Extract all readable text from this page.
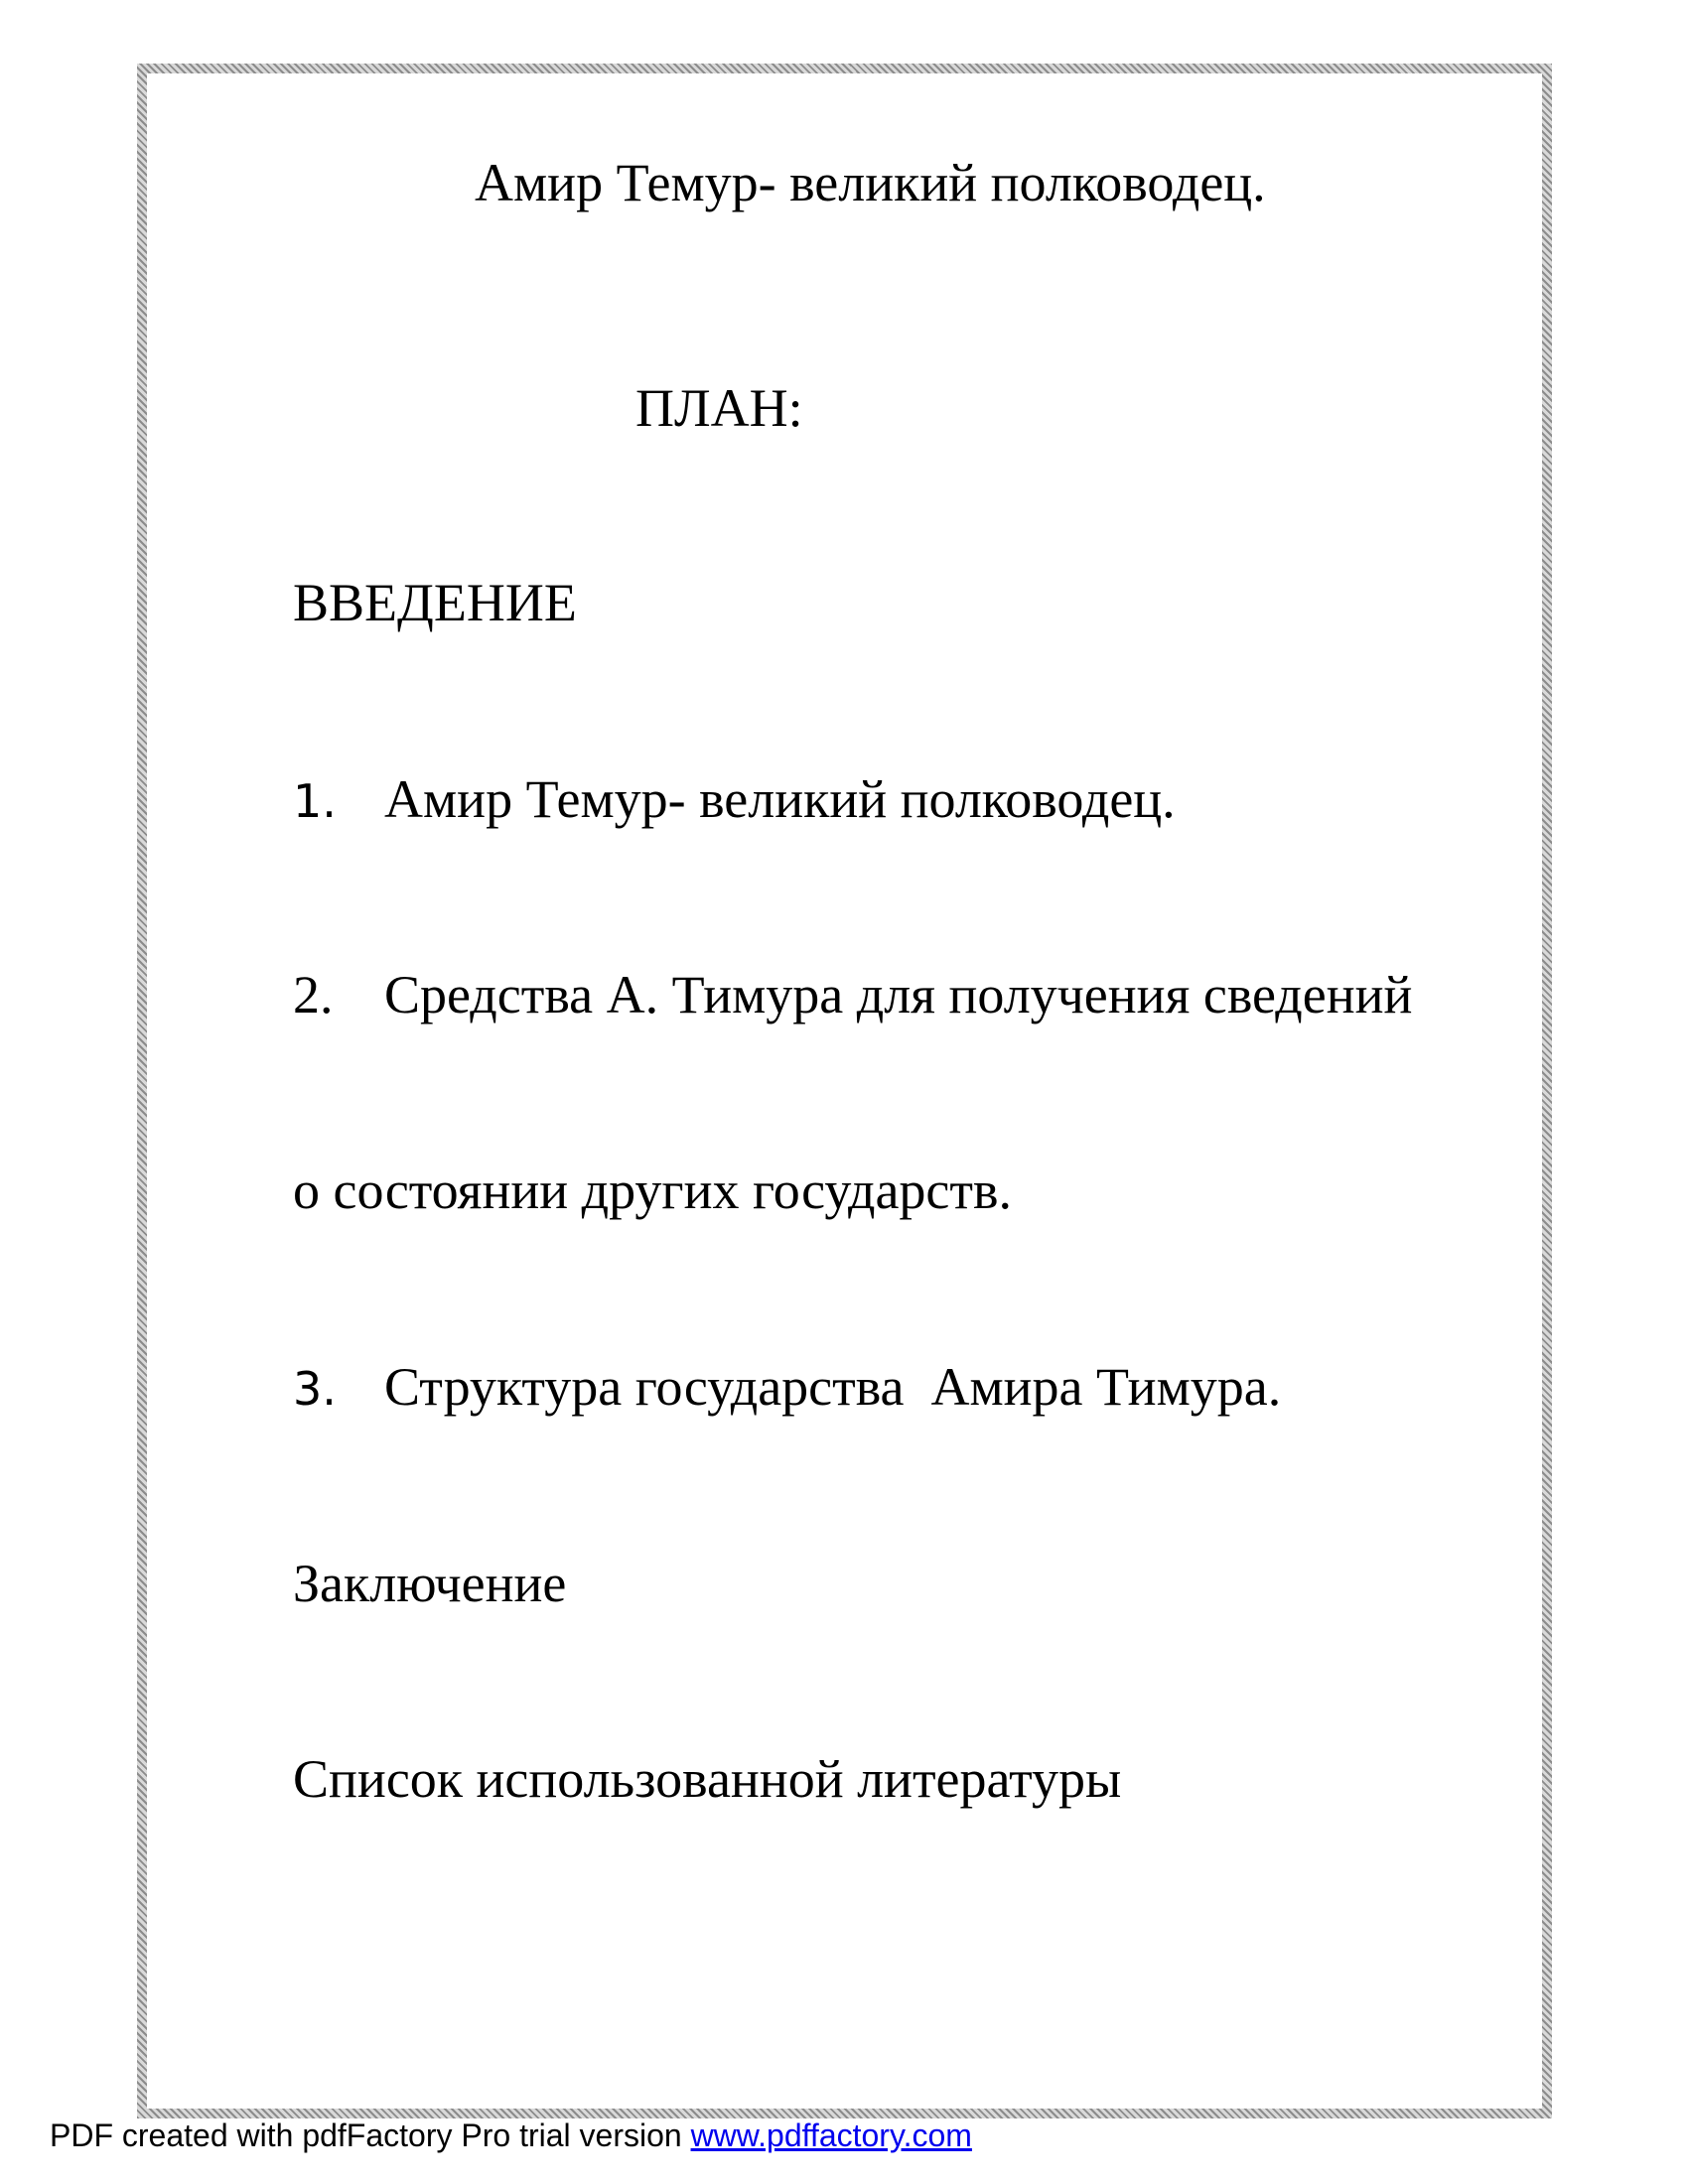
Амир Темур- великий полководец.
ПЛАН:
ВВЕДЕНИЕ
1. Амир Темур- великий полководец.
2. Средства А. Тимура для получения сведений
о состоянии других государств.
3. Структура государства  Амира Тимура.
Заключение
Список использованной литературы
PDF created with pdfFactory Pro trial version www.pdffactory.com
